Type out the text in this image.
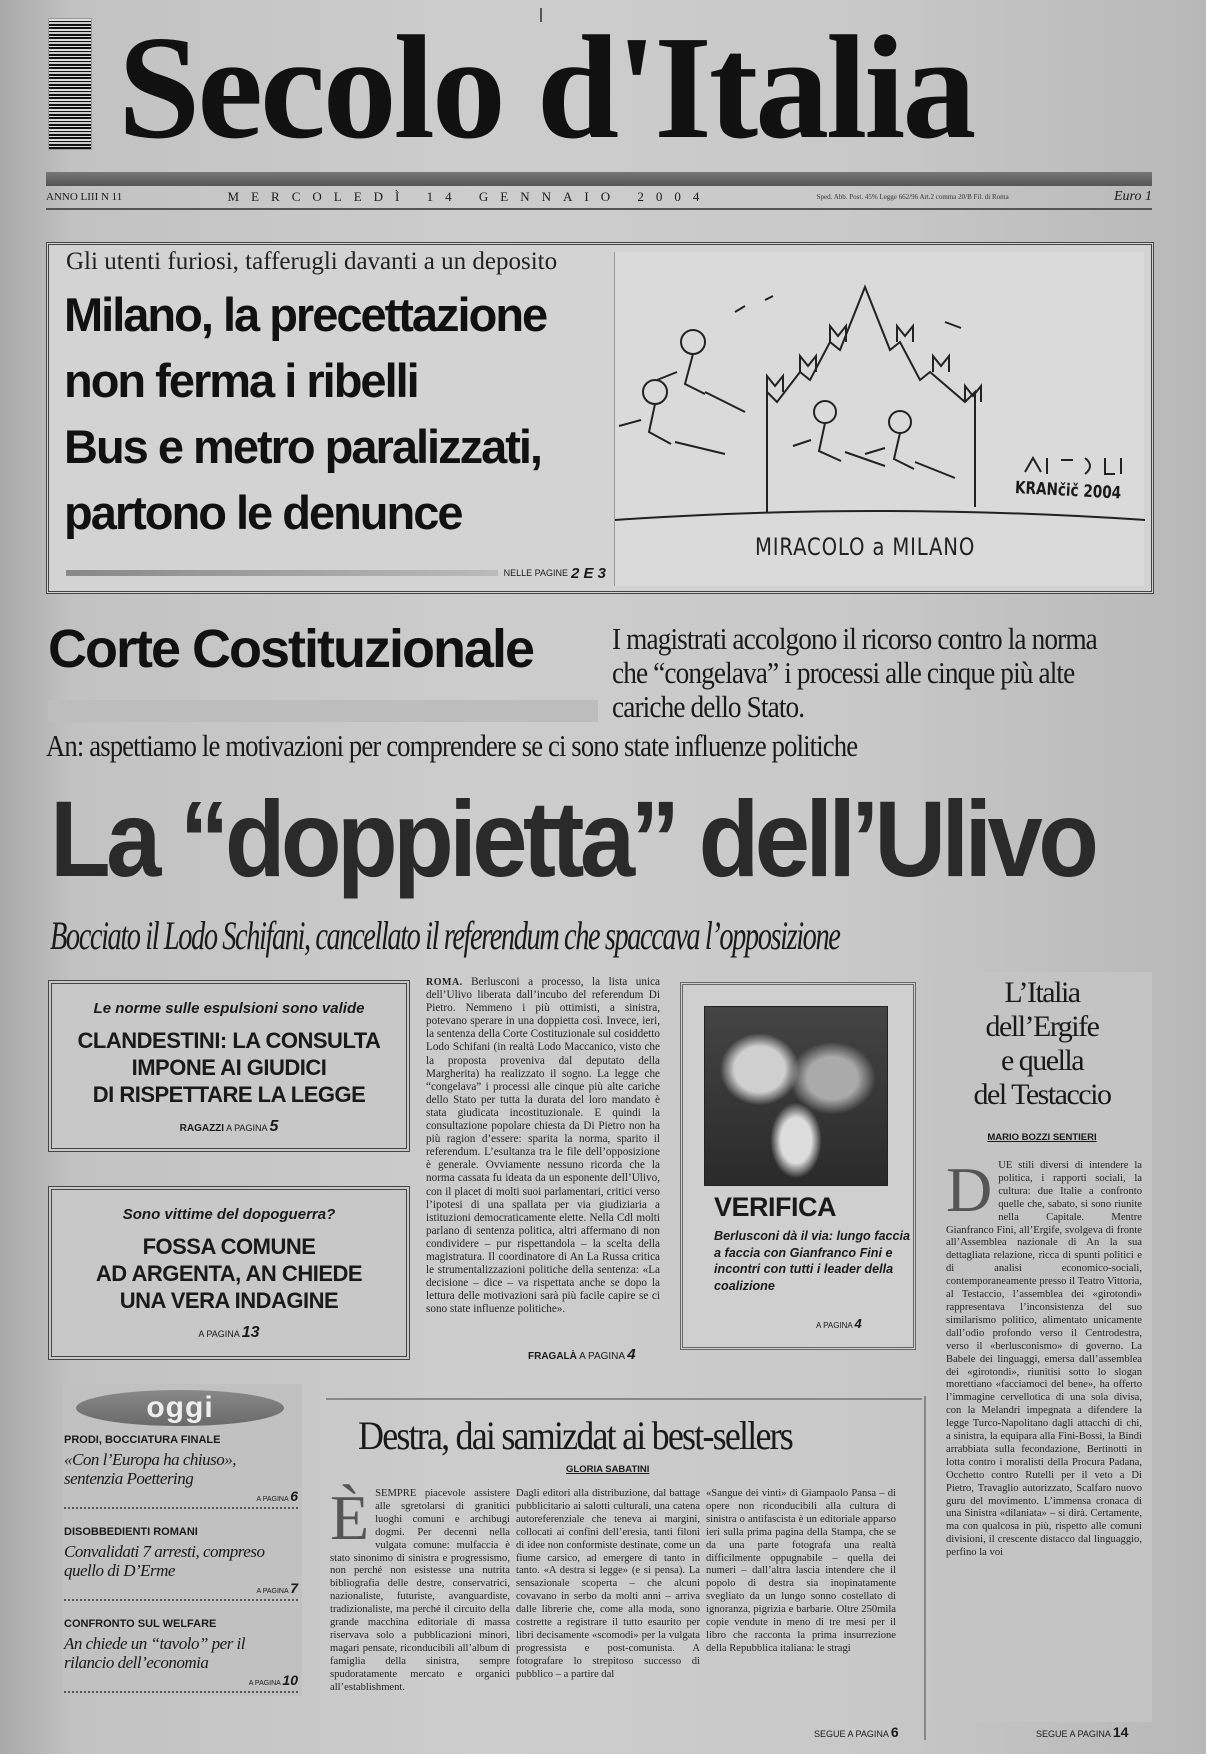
Secolo d'Italia
ANNO LIII N 11	MERCOLEDÌ 14 GENNAIO 2004	Sped. Abb. Post. 45% Legge 662/96 Art.2 comma 20/B Fil. di Roma	Euro 1
Gli utenti furiosi, tafferugli davanti a un deposito
Milano, la precettazione
non ferma i ribelli
Bus e metro paralizzati,
partono le denunce
NELLE PAGINE 2 E 3
KRANčič 2004
MIRACOLO a MILANO
Corte Costituzionale	I magistrati accolgono il ricorso contro la norma che “congelava” i processi alle cinque più alte cariche dello Stato.
An: aspettiamo le motivazioni per comprendere se ci sono state influenze politiche
La “doppietta” dell’Ulivo
Bocciato il Lodo Schifani, cancellato il referendum che spaccava l’opposizione
Le norme sulle espulsioni sono valide
CLANDESTINI: LA CONSULTA
IMPONE AI GIUDICI
DI RISPETTARE LA LEGGE
RAGAZZI A PAGINA 5
Sono vittime del dopoguerra?
FOSSA COMUNE
AD ARGENTA, AN CHIEDE
UNA VERA INDAGINE
A PAGINA 13
ROMA. Berlusconi a processo, la lista unica dell’Ulivo liberata dall’incubo del referendum Di Pietro. Nemmeno i più ottimisti, a sinistra, potevano sperare in una doppietta così. Invece, ieri, la sentenza della Corte Costituzionale sul cosiddetto Lodo Schifani (in realtà Lodo Maccanico, visto che la proposta proveniva dal deputato della Margherita) ha realizzato il sogno. La legge che “congelava” i processi alle cinque più alte cariche dello Stato per tutta la durata del loro mandato è stata giudicata incostituzionale. E quindi la consultazione popolare chiesta da Di Pietro non ha più ragion d’essere: sparita la norma, sparito il referendum. L’esultanza tra le file dell’opposizione è generale. Ovviamente nessuno ricorda che la norma cassata fu ideata da un esponente dell’Ulivo, con il placet di molti suoi parlamentari, critici verso l’ipotesi di una spallata per via giudiziaria a istituzioni democraticamente elette. Nella Cdl molti parlano di sentenza politica, altri affermano di non condividere – pur rispettandola – la scelta della magistratura. Il coordinatore di An La Russa critica le strumentalizzazioni politiche della sentenza: «La decisione – dice – va rispettata anche se dopo la lettura delle motivazioni sarà più facile capire se ci sono state influenze politiche».
FRAGALÀ A PAGINA 4
VERIFICA
Berlusconi dà il via: lungo faccia a faccia con Gianfranco Fini e incontri con tutti i leader della coalizione
A PAGINA 4
L’Italia
dell’Ergife
e quella
del Testaccio
MARIO BOZZI SENTIERI
D UE stili diversi di intendere la politica, i rapporti sociali, la cultura: due Italie a confronto quelle che, sabato, si sono riunite nella Capitale. Mentre Gianfranco Fini, all’Ergife, svolgeva di fronte all’Assemblea nazionale di An la sua dettagliata relazione, ricca di spunti politici e di analisi economico-sociali, contemporaneamente presso il Teatro Vittoria, al Testaccio, l’assemblea dei «girotondi» rappresentava l’inconsistenza del suo similarismo politico, alimentato unicamente dall’odio profondo verso il Centrodestra, verso il «berlusconismo» di governo. La Babele dei linguaggi, emersa dall’assemblea dei «girotondi», riunitisi sotto lo slogan morettiano «facciamoci del bene», ha offerto l’immagine cervellotica di una sola divisa, con la Melandri impegnata a difendere la legge Turco-Napolitano dagli attacchi di chi, a sinistra, la equipara alla Fini-Bossi, la Bindi arrabbiata sulla fecondazione, Bertinotti in lotta contro i moralisti della Procura Padana, Occhetto contro Rutelli per il veto a Di Pietro, Travaglio autorizzato, Scalfaro nuovo guru del movimento. L’immensa cronaca di una Sinistra «dilaniata» – si dirà. Certamente, ma con qualcosa in più, rispetto alle comuni divisioni, il crescente distacco dal linguaggio, perfino la voi
SEGUE A PAGINA 14
oggi
PRODI, BOCCIATURA FINALE
«Con l’Europa ha chiuso», sentenzia Poettering
A PAGINA 6
DISOBBEDIENTI ROMANI
Convalidati 7 arresti, compreso quello di D’Erme
A PAGINA 7
CONFRONTO SUL WELFARE
An chiede un “tavolo” per il rilancio dell’economia
A PAGINA 10
Destra, dai samizdat ai best-sellers
GLORIA SABATINI
È SEMPRE piacevole assistere alle sgretolarsi di granitici luoghi comuni e archibugi dogmi. Per decenni nella vulgata comune: mulfaccia è stato sinonimo di sinistra e progressismo, non perché non esistesse una nutrita bibliografia delle destre, conservatrici, nazionaliste, futuriste, avanguardiste, tradizionaliste, ma perché il circuito della grande macchina editoriale di massa riservava solo a pubblicazioni minori, magari pensate, riconducibili all’album di famiglia della sinistra, sempre spudoratamente mercato e organici all’establishment.
Dagli editori alla distribuzione, dal battage pubblicitario ai salotti culturali, una catena autoreferenziale che teneva ai margini, collocati ai confini dell’eresia, tanti filoni di idee non conformiste destinate, come un fiume carsico, ad emergere di tanto in tanto. «A destra si legge» (e si pensa). La sensazionale scoperta – che alcuni covavano in serbo da molti anni – arriva dalle librerie che, come alla moda, sono costrette a registrare il tutto esaurito per libri decisamente «scomodi» per la vulgata progressista e post-comunista. A fotografare lo strepitoso successo di pubblico – a partire dal
«Sangue dei vinti» di Giampaolo Pansa – di opere non riconducibili alla cultura di sinistra o antifascista è un editoriale apparso ieri sulla prima pagina della Stampa, che se da una parte fotografa una realtà difficilmente oppugnabile – quella dei numeri – dall’altra lascia intendere che il popolo di destra sia inopinatamente svegliato da un lungo sonno costellato di ignoranza, pigrizia e barbarie. Oltre 250mila copie vendute in meno di tre mesi per il libro che racconta la prima insurrezione della Repubblica italiana: le stragi
SEGUE A PAGINA 6
